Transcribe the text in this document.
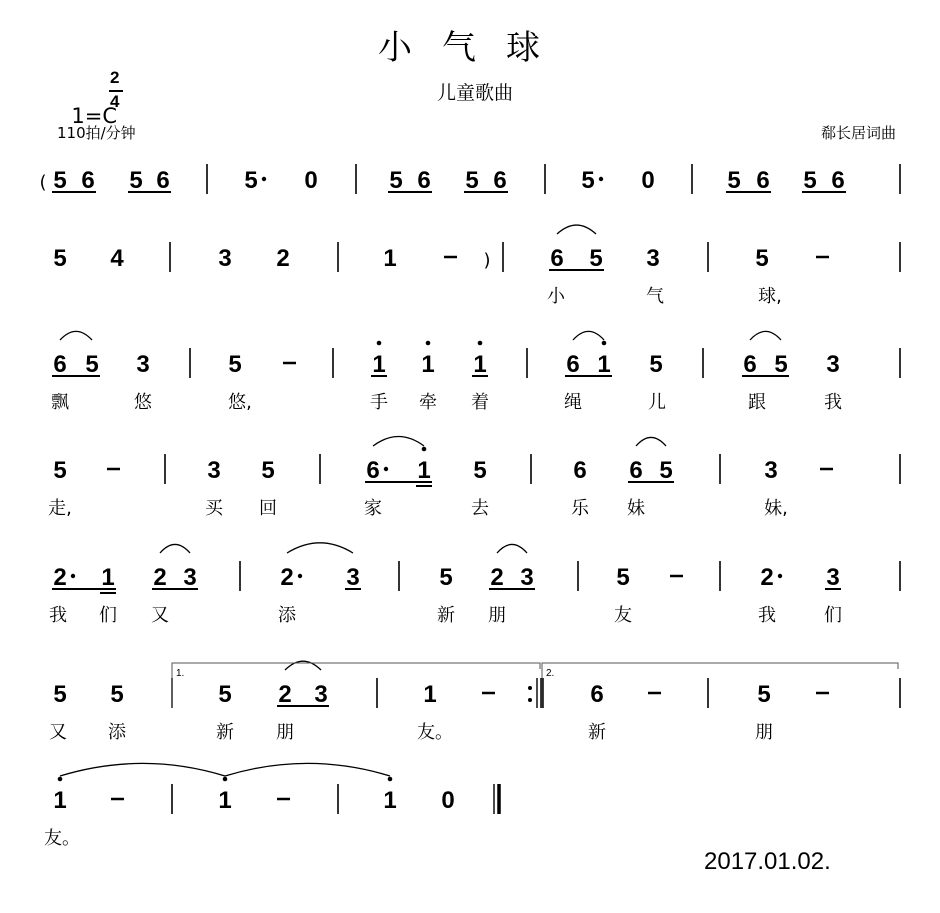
小气球

1=C

2
4	儿童歌曲
110拍/分钟	郗长居词曲
2017.01.02.
( 5 6 5 6	5 0	5 6 5 6	5 0	5 6 5 6
5 4	3 2	1	) 6 5 3	5
小	气	球,
6 5 3	5	1 1 1	6 1 5	6 5 3
飘	悠	悠,	手 牵 着	绳	儿	跟	我
5	3 5	6 1 5	6 6 5	3
走,	买 回	家	去	乐 妹	妹,
2 1 2 3	2 3	5 2 3	5	2 3
我 们 又	添	新 朋	友	我	们
5 5	5 2 3	1	6	5
又 添	新 朋	友。	新	朋
1	1	1 0
友。
1.	2.
